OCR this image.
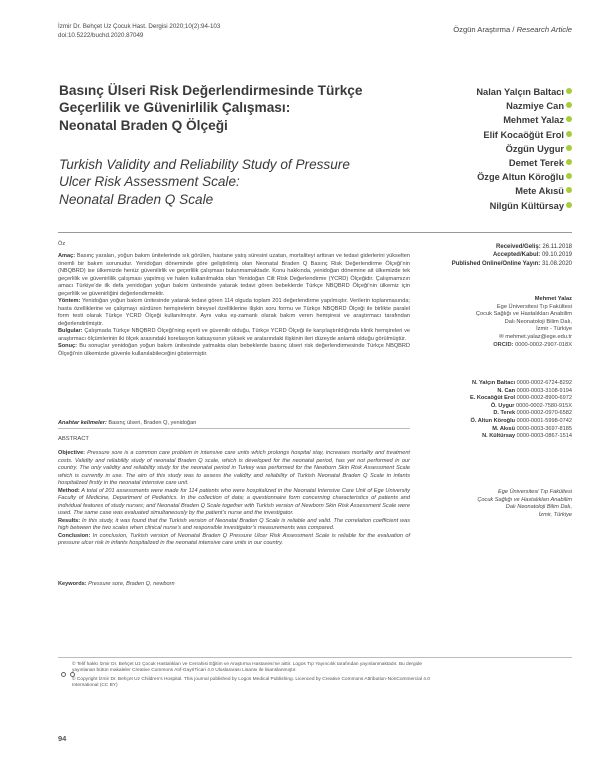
İzmir Dr. Behçet Uz Çocuk Hast. Dergisi 2020;10(2):94-103
doi:10.5222/buchd.2020.87049
Özgün Araştırma / Research Article
Basınç Ülseri Risk Değerlendirmesinde Türkçe
Geçerlilik ve Güvenirlilik Çalışması:
Neonatal Braden Q Ölçeği
Turkish Validity and Reliability Study of Pressure
Ulcer Risk Assessment Scale:
Neonatal Braden Q Scale
Nalan Yalçın Baltacı
Nazmiye Can
Mehmet Yalaz
Elif Kocaöğüt Erol
Özgün Uygur
Demet Terek
Özge Altun Köroğlu
Mete Akısü
Nilgün Kültürsay
Öz	Received/Geliş:
26.11.2018
Accepted/Kabul:
09.10.2019
Published Online/Online Yayın:
31.08.2020

Amaç: Basınç yaraları, yoğun bakım ünitelerinde sık görülen, hastane yatış süresini uzatan, mortaliteyi arttıran ve tedavi giderlerini yükselten önemli bir bakım sorunudur. Yenidoğan döneminde göre geliştirilmiş olan Neonatal Braden Q Basınç Risk Değerlendirme Ölçeği’nin (NBQBRD) ise ülkemizde henüz güvenilirlik ve geçerlilik çalışması bulunmamaktadır. Konu hakkında, yenidoğan dönemine ait ülkemizde tek geçerlilik ve güvenirlilik çalışması yapılmış ve halen kullanılmakta olan Yenidoğan Cilt Risk Değerlendirme (YCRD) Ölçeğidir. Çalışmamızın amacı Türkiye’de ilk defa yenidoğan yoğun bakım ünitesinde yatarak tedavi gören bebeklerde Türkçe NBQBRD Ölçeği’nin ülkemiz için geçerlilik ve güvenirliğini değerlendirmektir.

Yöntem: Yenidoğan yoğun bakım ünitesinde yatarak tedavi gören 114 olguda toplam 201 değerlendirme yapılmıştır. Verilerin toplanmasında; hasta özelliklerine ve çalışmayı sürdüren hemşirelerin bireysel özelliklerine ilişkin soru formu ve Türkçe NBQBRD Ölçeği ile birlikte paralel form testi olarak Türkçe YCRD Ölçeği kullanılmıştır. Aynı vaka eş-zamanlı olarak bakım veren hemşiresi ve araştırmacı tarafından değerlendirilmiştir.

Bulgular: Çalışmada Türkçe NBQBRD Ölçeği’ning eçerli ve güvenilir olduğu, Türkçe YCRD Ölçeği ile karşılaştırıldığında klinik hemşireleri ve araştırmacı ölçümlerinin iki ölçek arasındaki korelasyon katsayısının yüksek ve aralarındaki ilişkinin ileri düzeyde anlamlı olduğu görülmüştür.

Sonuç: Bu sonuçlar yenidoğan yoğun bakım ünitesinde yatmakta olan bebeklerde basınç ülseri risk değerlendirmesinde Türkçe NBQBRD Ölçeği’nin ülkemizde güvenle kullanılabileceğini göstermiştir.

Mehmet Yalaz
Ege Üniversitesi Tıp Fakültesi
Çocuk Sağlığı ve Hastalıkları Anabilim
Dalı Neonatoloji Bilim Dalı,
İzmir - Türkiye
✉ mehmet.yalaz@ege.edu.tr
ORCID: 0000-0002-2907-018X
N. Yalçın Baltacı 0000-0002-6724-8292
N. Can 0000-0003-3108-9194
E. Kocaöğüt Erol 0000-0002-8900-6972
Ö. Uygur 0000-0002-7580-915X
D. Terek 0000-0002-0970-6582
Ö. Altun Köroğlu 0000-0001-5998-0742
M. Akısü 0000-0003-3697-8185
N. Kültürsay 0000-0003-0867-1514
Ege Üniversitesi Tıp Fakültesi
Çocuk Sağlığı ve Hastalıkları Anabilim
Dalı Neonatoloji Bilim Dalı,
İzmir, Türkiye
Anahtar kelimeler: Basınç ülseri, Braden Q, yenidoğan
ABSTRACT

Objective: Pressure sore is a common care problem in intensive care units which prolongs hospital stay, increases mortality and treatment costs. Validity and reliability study of neonatal Braden Q scale, which is developed for the neonatal period, has yet not performed in our country. The only validity and reliability study for the neonatal period in Turkey was performed for the Newborn Skin Risk Assessment Scale which is currently in use. The aim of this study was to assess the validity and reliability of Turkish Neonatal Braden Q Scale in infants hospitalized firstly in the neonatal intensive care unit.

Method: A total of 201 assessments were made for 114 patients who were hospitalized in the Neonatal Intensive Care Unit of Ege University Faculty of Medicine, Department of Pediatrics. In the collection of data; a questionnaire form concerning characteristics of patients and individual features of study nurses; and Neonatal Braden Q Scale together with Turkish version of Newborn Skin Risk Assessment Scale were used. The same case was evaluated simultaneously by the patient’s nurse and the investigator.

Results: In this study, it was found that the Turkish version of Neonatal Braden Q Scale is reliable and valid. The correlation coefficient was high between the two scales when clinical nurse’s and responsible investigator’s measurements was compared.

Conclusion: In conclusion, Turkish version of Neonatal Braden Q Pressure Ulcer Risk Assessment Scale is reliable for the evaluation of pressure ulcer risk in infants hospitalized in the neonatal intensive care units in our country.

Keywords: Pressure sore, Braden Q, newborn

© Telif hakkı İzmir Dr. Behçet Uz Çocuk Hastalıkları ve Cerrahisi Eğitim ve Araştırma Hastanesi’ne aittir. Logos Tıp Yayıncılık tarafından yayınlanmaktadır. Bu dergide yayınlanan bütün makaleler Creative Commons Atıf-GayriTicari 4.0 Uluslararası Lisansı ile lisanslanmıştır.
© Copyright İzmir Dr. Behçet Uz Children’s Hospital. This journal published by Logos Medical Publishing. Licenced by Creative Commons Attribution-NonCommercial 4.0 International (CC BY)
94
